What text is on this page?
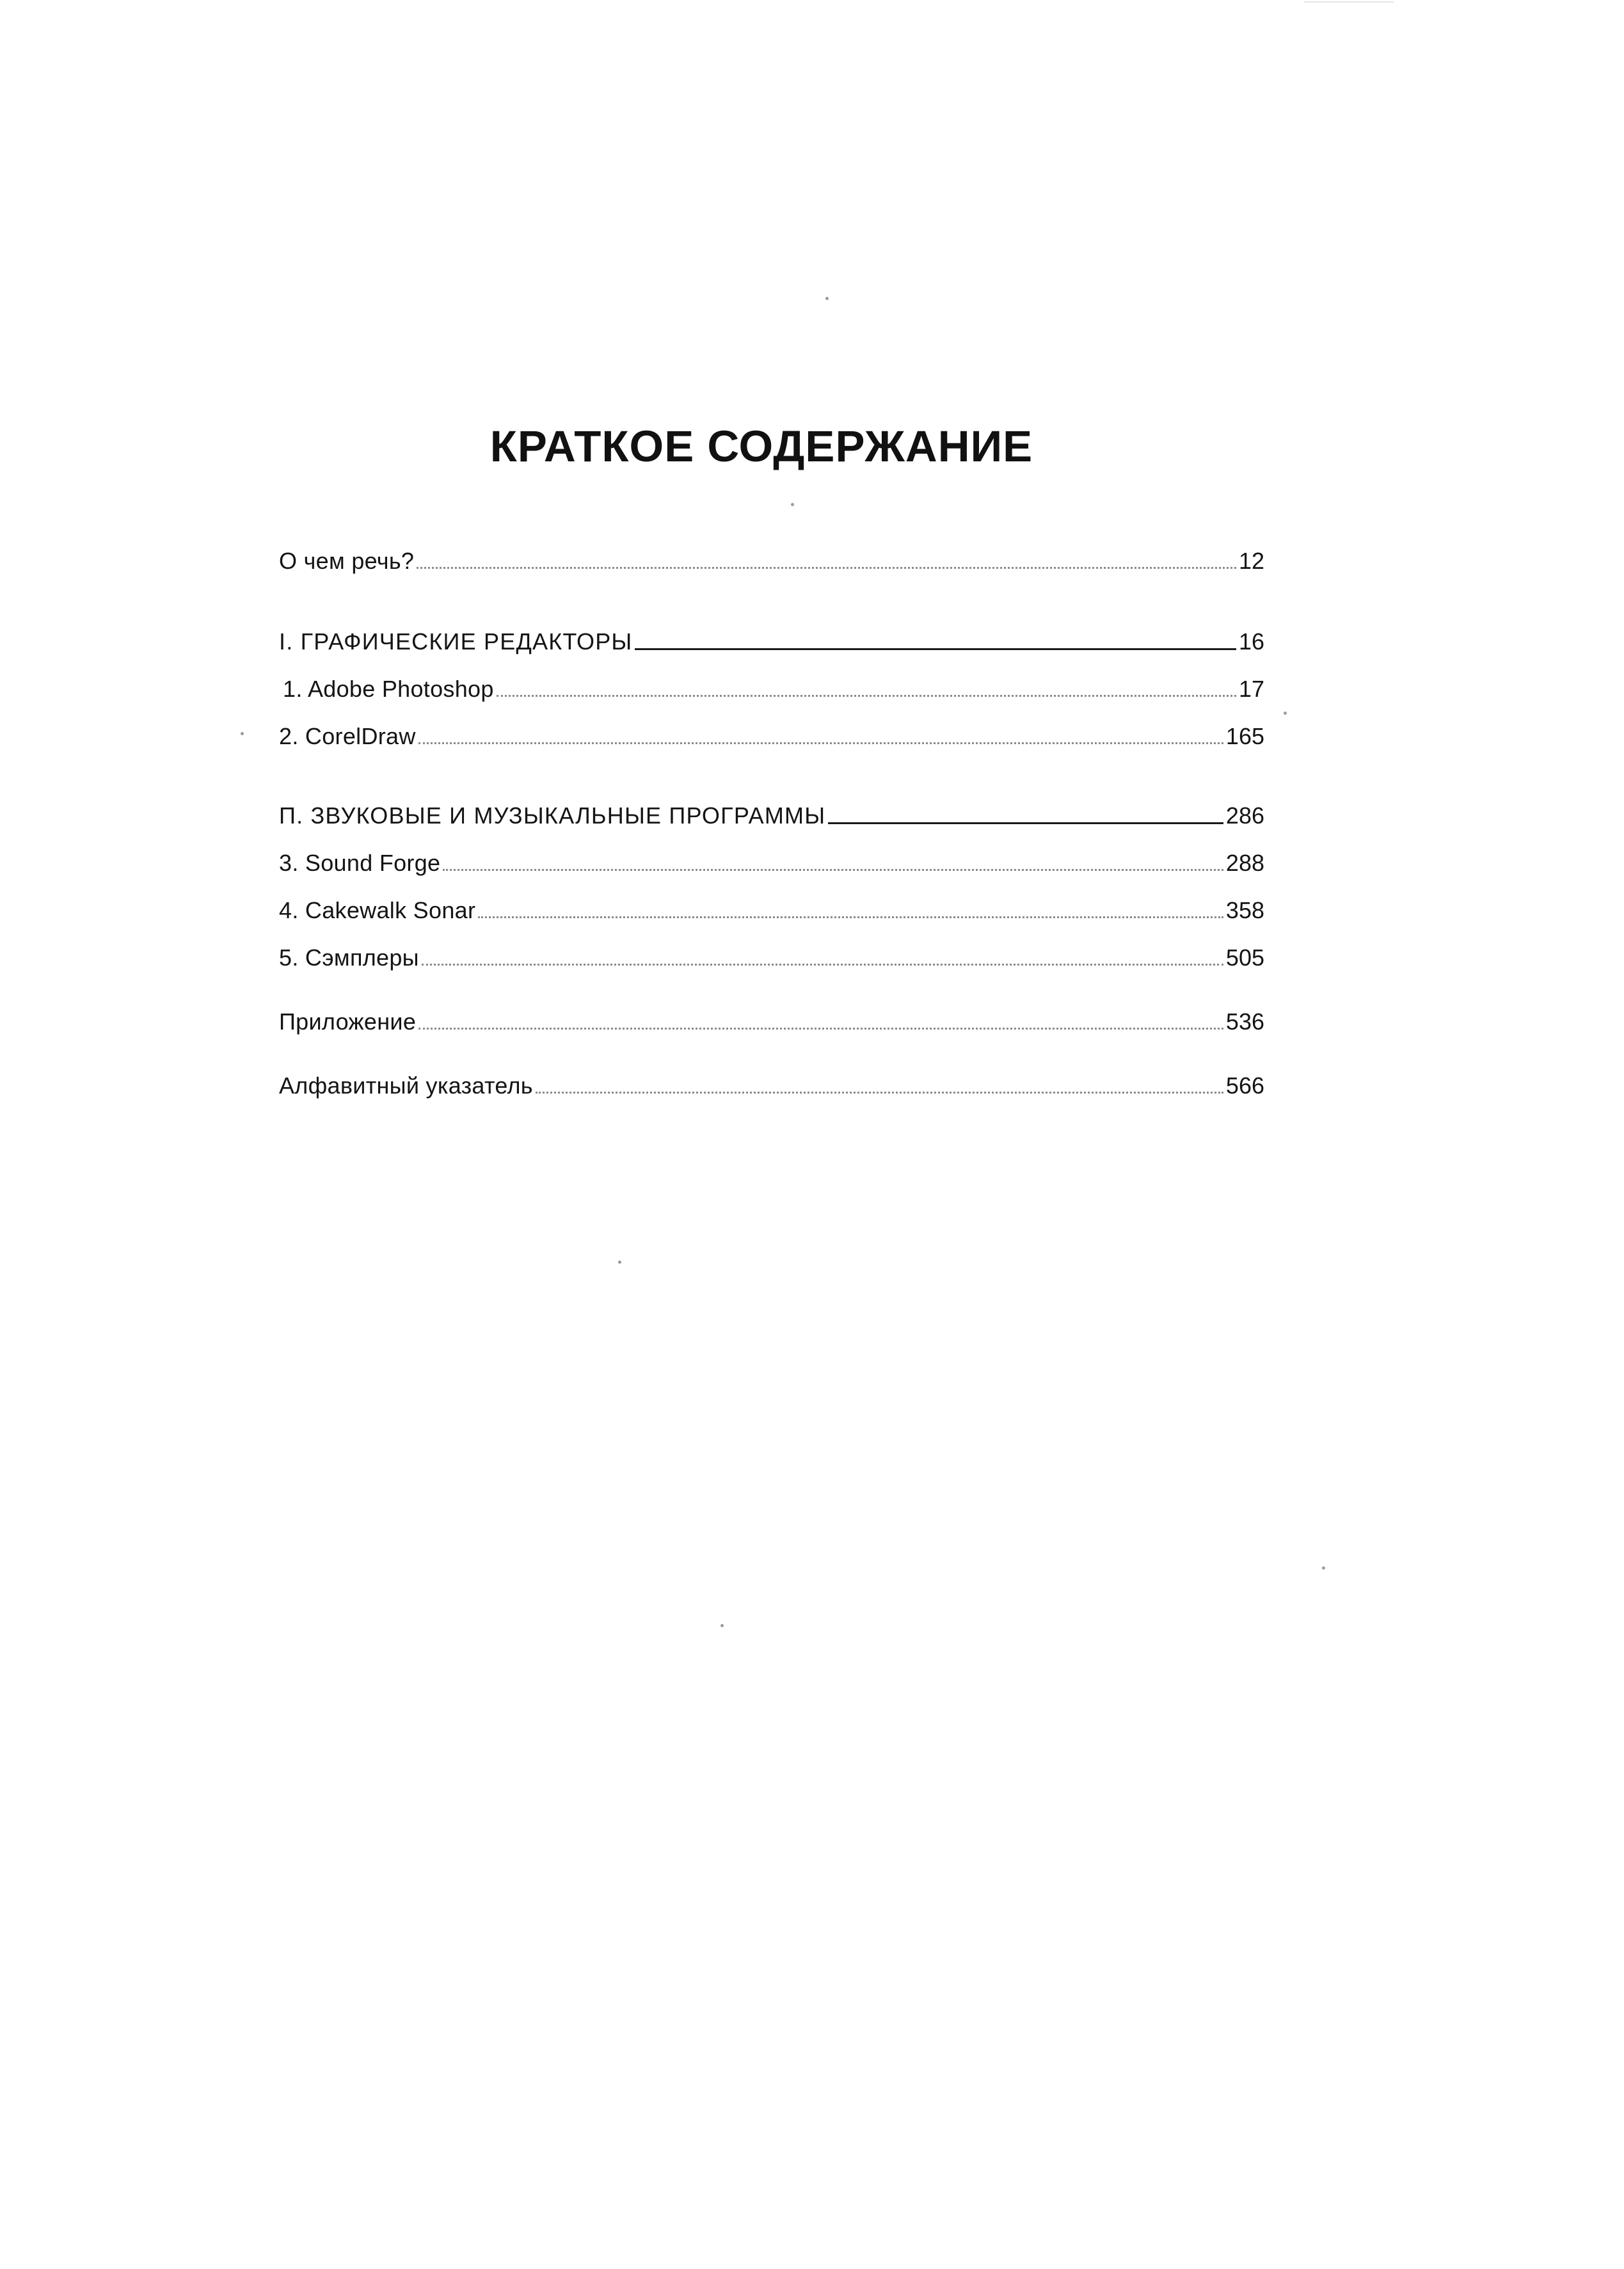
КРАТКОЕ СОДЕРЖАНИЕ
О чем речь?	12
I. ГРАФИЧЕСКИЕ РЕДАКТОРЫ	16
1. Adobe Photoshop	17
2. CorelDraw	165
П. ЗВУКОВЫЕ И МУЗЫКАЛЬНЫЕ ПРОГРАММЫ	286
3. Sound Forge	288
4. Cakewalk Sonar	358
5. Сэмплеры	505
Приложение	536
Алфавитный указатель	566
